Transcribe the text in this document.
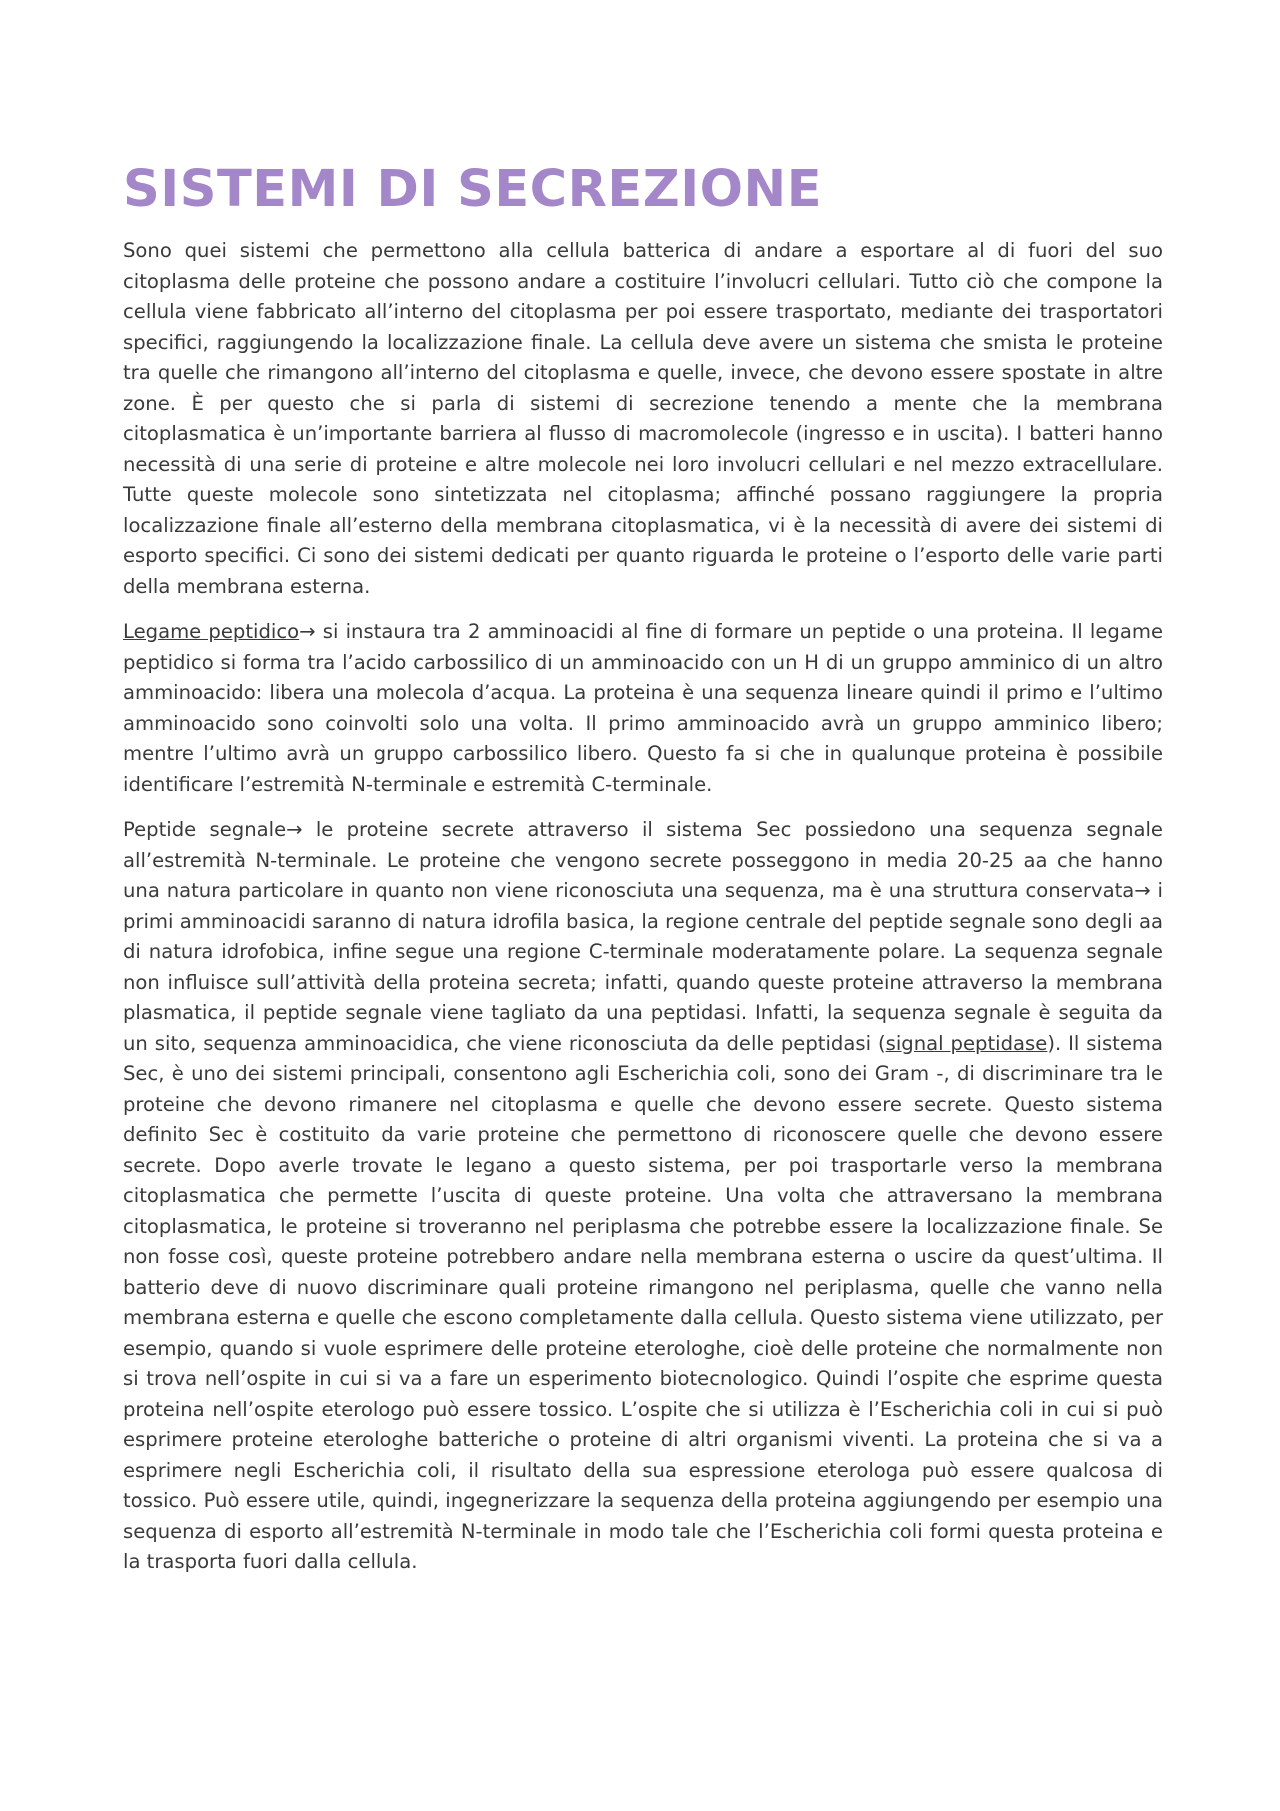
SISTEMI DI SECREZIONE

Sono quei sistemi che permettono alla cellula batterica di andare a esportare al di fuori del suo citoplasma delle proteine che possono andare a costituire l’involucri cellulari. Tutto ciò che compone la cellula viene fabbricato all’interno del citoplasma per poi essere trasportato, mediante dei trasportatori specifici, raggiungendo la localizzazione finale. La cellula deve avere un sistema che smista le proteine tra quelle che rimangono all’interno del citoplasma e quelle, invece, che devono essere spostate in altre zone. È per questo che si parla di sistemi di secrezione tenendo a mente che la membrana citoplasmatica è un’importante barriera al flusso di macromolecole (ingresso e in uscita). I batteri hanno necessità di una serie di proteine e altre molecole nei loro involucri cellulari e nel mezzo extracellulare. Tutte queste molecole sono sintetizzata nel citoplasma; affinché possano raggiungere la propria localizzazione finale all’esterno della membrana citoplasmatica, vi è la necessità di avere dei sistemi di esporto specifici. Ci sono dei sistemi dedicati per quanto riguarda le proteine o l’esporto delle varie parti della membrana esterna.

Legame peptidico→ si instaura tra 2 amminoacidi al fine di formare un peptide o una proteina. Il legame peptidico si forma tra l’acido carbossilico di un amminoacido con un H di un gruppo amminico di un altro amminoacido: libera una molecola d’acqua. La proteina è una sequenza lineare quindi il primo e l’ultimo amminoacido sono coinvolti solo una volta. Il primo amminoacido avrà un gruppo amminico libero; mentre l’ultimo avrà un gruppo carbossilico libero. Questo fa si che in qualunque proteina è possibile identificare l’estremità N-terminale e estremità C-terminale.

Peptide segnale→ le proteine secrete attraverso il sistema Sec possiedono una sequenza segnale all’estremità N-terminale. Le proteine che vengono secrete posseggono in media 20-25 aa che hanno una natura particolare in quanto non viene riconosciuta una sequenza, ma è una struttura conservata→ i primi amminoacidi saranno di natura idrofila basica, la regione centrale del peptide segnale sono degli aa di natura idrofobica, infine segue una regione C-terminale moderatamente polare. La sequenza segnale non influisce sull’attività della proteina secreta; infatti, quando queste proteine attraverso la membrana plasmatica, il peptide segnale viene tagliato da una peptidasi. Infatti, la sequenza segnale è seguita da un sito, sequenza amminoacidica, che viene riconosciuta da delle peptidasi (signal peptidase). Il sistema Sec, è uno dei sistemi principali, consentono agli Escherichia coli, sono dei Gram -, di discriminare tra le proteine che devono rimanere nel citoplasma e quelle che devono essere secrete. Questo sistema definito Sec è costituito da varie proteine che permettono di riconoscere quelle che devono essere secrete. Dopo averle trovate le legano a questo sistema, per poi trasportarle verso la membrana citoplasmatica che permette l’uscita di queste proteine. Una volta che attraversano la membrana citoplasmatica, le proteine si troveranno nel periplasma che potrebbe essere la localizzazione finale. Se non fosse così, queste proteine potrebbero andare nella membrana esterna o uscire da quest’ultima. Il batterio deve di nuovo discriminare quali proteine rimangono nel periplasma, quelle che vanno nella membrana esterna e quelle che escono completamente dalla cellula. Questo sistema viene utilizzato, per esempio, quando si vuole esprimere delle proteine eterologhe, cioè delle proteine che normalmente non si trova nell’ospite in cui si va a fare un esperimento biotecnologico. Quindi l’ospite che esprime questa proteina nell’ospite eterologo può essere tossico. L’ospite che si utilizza è l’Escherichia coli in cui si può esprimere proteine eterologhe batteriche o proteine di altri organismi viventi. La proteina che si va a esprimere negli Escherichia coli, il risultato della sua espressione eterologa può essere qualcosa di tossico. Può essere utile, quindi, ingegnerizzare la sequenza della proteina aggiungendo per esempio una sequenza di esporto all’estremità N-terminale in modo tale che l’Escherichia coli formi questa proteina e la trasporta fuori dalla cellula.
